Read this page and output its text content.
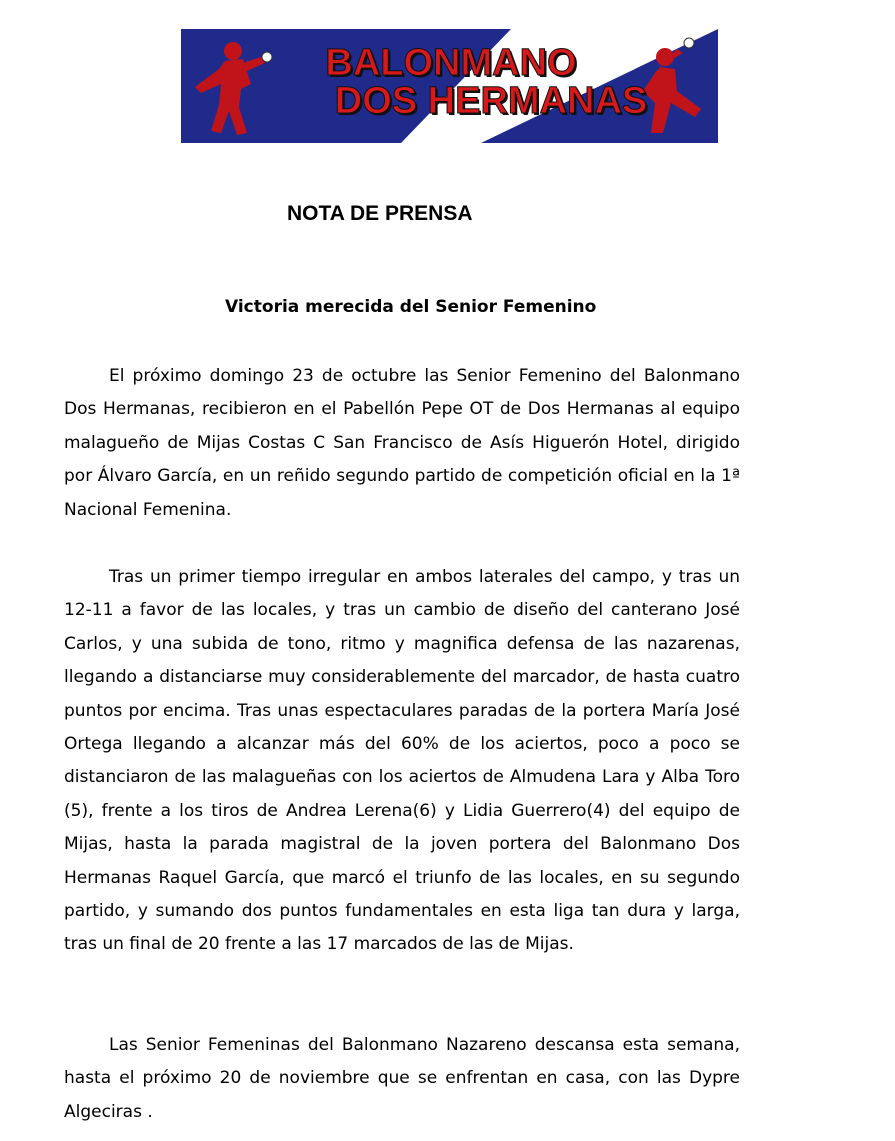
BALONMANO
DOS HERMANAS
NOTA DE PRENSA
Victoria merecida del Senior Femenino

El próximo domingo 23 de octubre las Senior Femenino del Balonmano Dos Hermanas, recibieron en el Pabellón Pepe OT de Dos Hermanas al equipo malagueño de Mijas Costas C San Francisco de Asís Higuerón Hotel, dirigido por Álvaro García, en un reñido segundo partido de competición oficial en la 1ª Nacional Femenina.

Tras un primer tiempo irregular en ambos laterales del campo, y tras un 12-11 a favor de las locales, y tras un cambio de diseño del canterano José Carlos, y una subida de tono, ritmo y magnifica defensa de las nazarenas, llegando a distanciarse muy considerablemente del marcador, de hasta cuatro puntos por encima. Tras unas espectaculares paradas de la portera María José Ortega llegando a alcanzar más del 60% de los aciertos, poco a poco se distanciaron de las malagueñas con los aciertos de Almudena Lara y Alba Toro (5), frente a los tiros de Andrea Lerena(6) y Lidia Guerrero(4) del equipo de Mijas, hasta la parada magistral de la joven portera del Balonmano Dos Hermanas Raquel García, que marcó el triunfo de las locales, en su segundo partido, y sumando dos puntos fundamentales en esta liga tan dura y larga, tras un final de 20 frente a las 17 marcados de las de Mijas.

Las Senior Femeninas del Balonmano Nazareno descansa esta semana, hasta el próximo 20 de noviembre que se enfrentan en casa, con las Dypre Algeciras .
